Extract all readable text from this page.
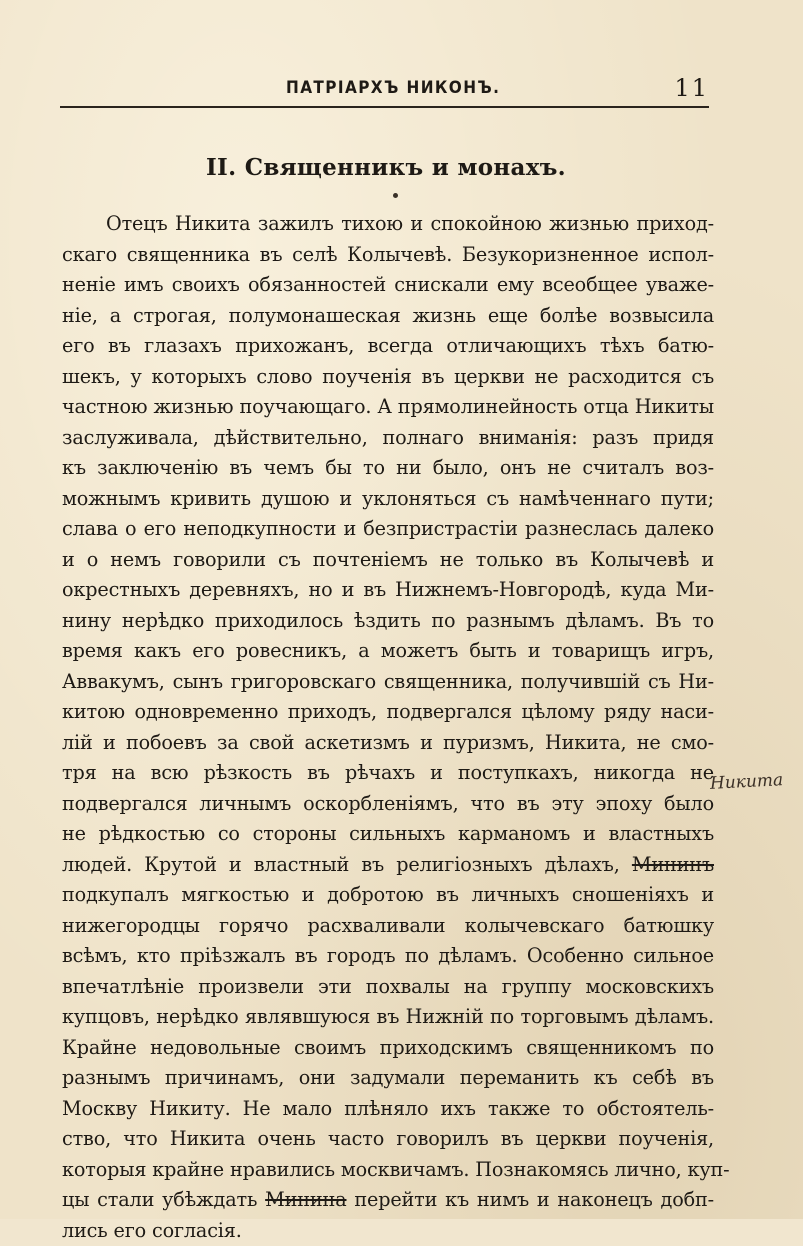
ПАТРІАРХЪ НИКОНЪ.	11
II. Священникъ и монахъ.
Отецъ Никита зажилъ тихою и спокойною жизнью приход-
скаго священника въ селѣ Колычевѣ. Безукоризненное испол-
неніе имъ своихъ обязанностей снискали ему всеобщее уваже-
ніе, а строгая, полумонашеская жизнь еще болѣе возвысила
его въ глазахъ прихожанъ, всегда отличающихъ тѣхъ батю-
шекъ, у которыхъ слово поученія въ церкви не расходится съ
частною жизнью поучающаго. А прямолинейность отца Никиты
заслуживала, дѣйствительно, полнаго вниманія: разъ придя
къ заключенію въ чемъ бы то ни было, онъ не считалъ воз-
можнымъ кривить душою и уклоняться съ намѣченнаго пути;
слава о его неподкупности и безпристрастіи разнеслась далеко
и о немъ говорили съ почтеніемъ не только въ Колычевѣ и
окрестныхъ деревняхъ, но и въ Нижнемъ-Новгородѣ, куда Ми-
нину нерѣдко приходилось ѣздить по разнымъ дѣламъ. Въ то
время какъ его ровесникъ, а можетъ быть и товарищъ игръ,
Аввакумъ, сынъ григоровскаго священника, получившій съ Ни-
китою одновременно приходъ, подвергался цѣлому ряду наси-
лій и побоевъ за свой аскетизмъ и пуризмъ, Никита, не смо-
тря на всю рѣзкость въ рѣчахъ и поступкахъ, никогда не
подвергался личнымъ оскорбленіямъ, что въ эту эпоху было
не рѣдкостью со стороны сильныхъ карманомъ и властныхъ
людей. Крутой и властный въ религіозныхъ дѣлахъ, Мининъ
подкупалъ мягкостью и добротою въ личныхъ сношеніяхъ и
нижегородцы горячо расхваливали колычевскаго батюшку
всѣмъ, кто пріѣзжалъ въ городъ по дѣламъ. Особенно сильное
впечатлѣніе произвели эти похвалы на группу московскихъ
купцовъ, нерѣдко являвшуюся въ Нижній по торговымъ дѣламъ.
Крайне недовольные своимъ приходскимъ священникомъ по
разнымъ причинамъ, они задумали переманить къ себѣ въ
Москву Никиту. Не мало плѣняло ихъ также то обстоятель-
ство, что Никита очень часто говорилъ въ церкви поученія,
которыя крайне нравились москвичамъ. Познакомясь лично, куп-
цы стали убѣждать Минина перейти къ нимъ и наконецъ добп-
лись его согласія.
Никита
